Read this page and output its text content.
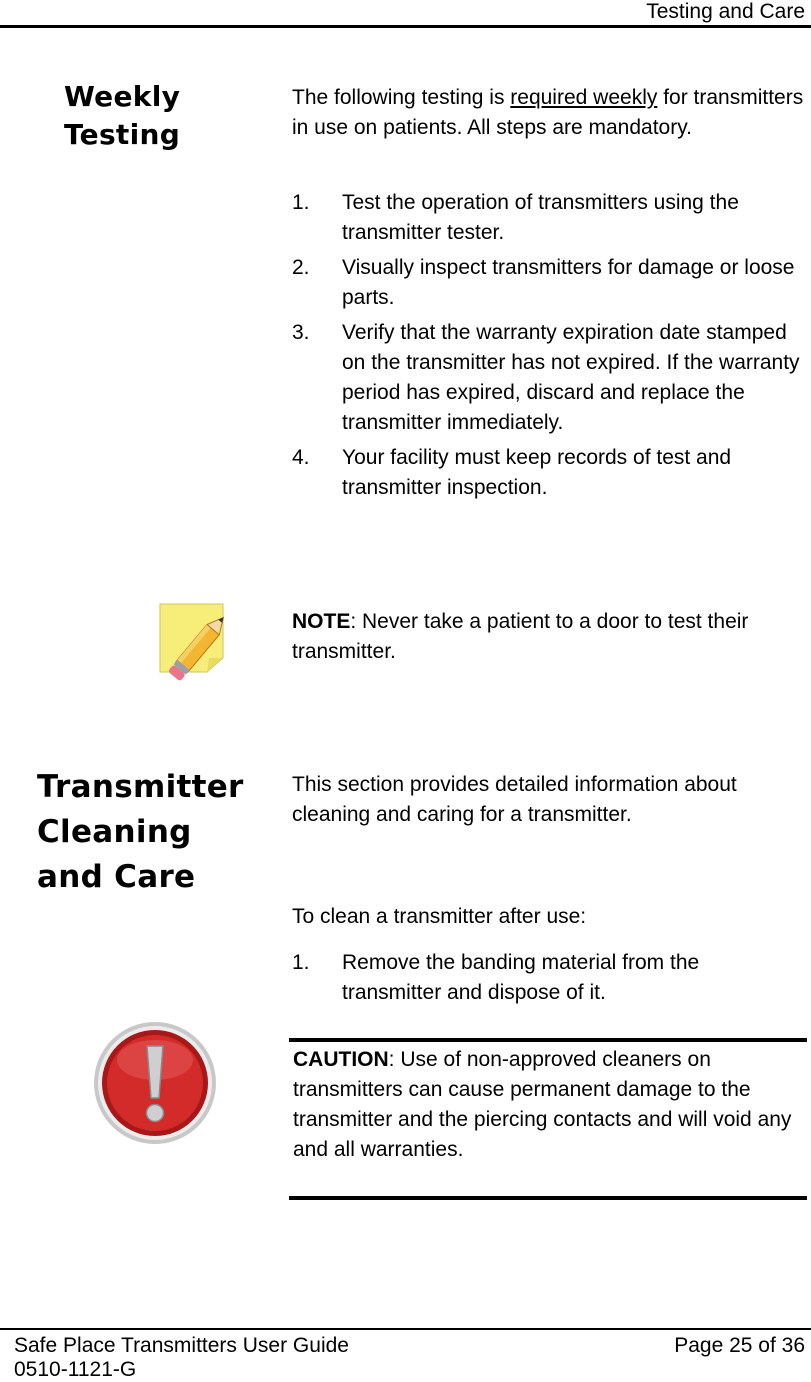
Testing and Care
Weekly
Testing
The following testing is required weekly for transmitters in use on patients. All steps are mandatory.
1. Test the operation of transmitters using the transmitter tester.
2. Visually inspect transmitters for damage or loose parts.
3. Verify that the warranty expiration date stamped on the transmitter has not expired. If the warranty period has expired, discard and replace the transmitter immediately.
4. Your facility must keep records of test and transmitter inspection.
NOTE: Never take a patient to a door to test their transmitter.
Transmitter
Cleaning
and Care
This section provides detailed information about cleaning and caring for a transmitter.
To clean a transmitter after use:
1. Remove the banding material from the transmitter and dispose of it.
CAUTION: Use of non-approved cleaners on transmitters can cause permanent damage to the transmitter and the piercing contacts and will void any and all warranties.
Safe Place Transmitters User Guide
0510-1121-G
Page 25 of 36
